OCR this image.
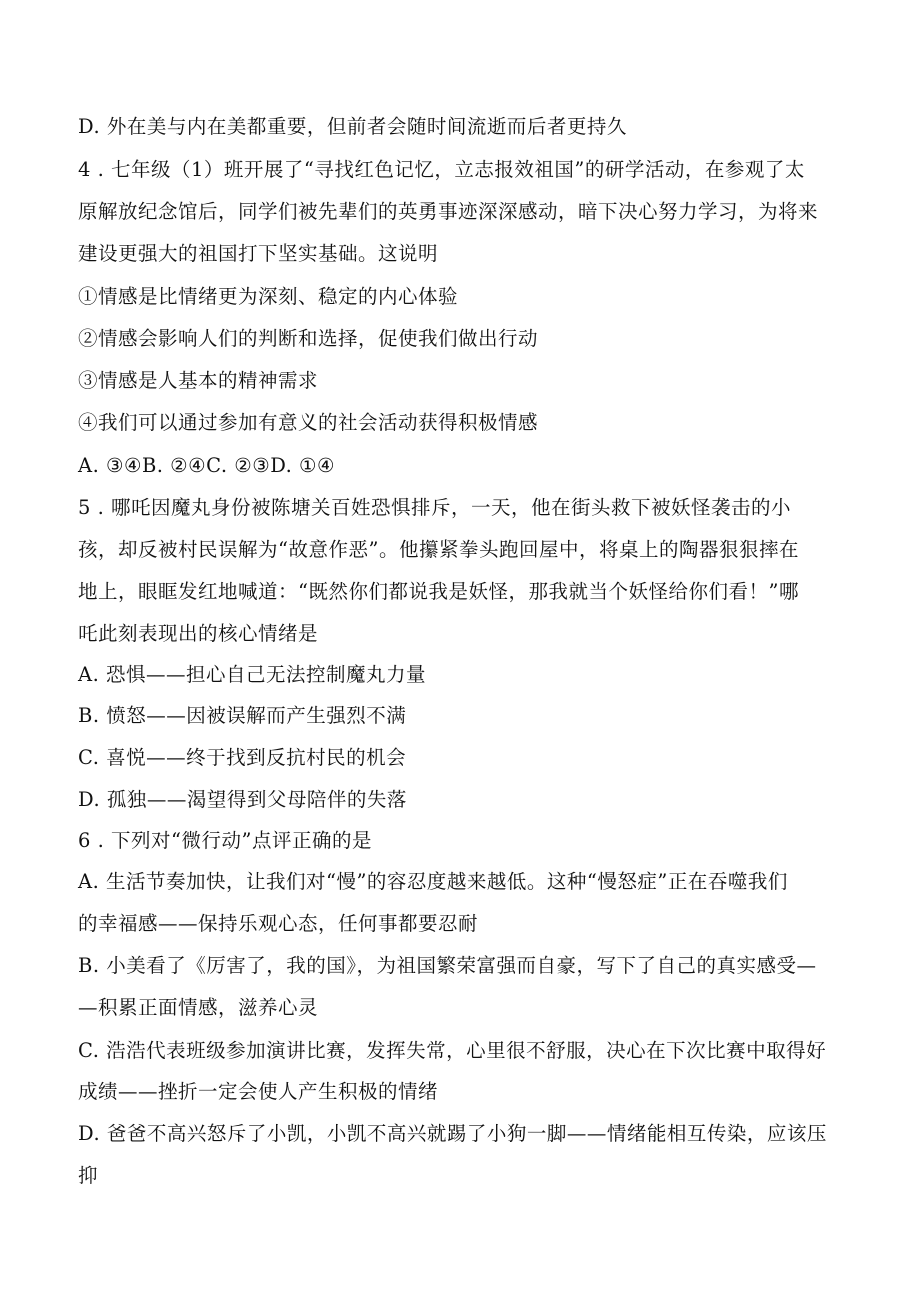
D. 外在美与内在美都重要，但前者会随时间流逝而后者更持久
4 . 七年级（1）班开展了“寻找红色记忆，立志报效祖国”的研学活动，在参观了太
原解放纪念馆后，同学们被先辈们的英勇事迹深深感动，暗下决心努力学习，为将来
建设更强大的祖国打下坚实基础。这说明
①情感是比情绪更为深刻、稳定的内心体验
②情感会影响人们的判断和选择，促使我们做出行动
③情感是人基本的精神需求
④我们可以通过参加有意义的社会活动获得积极情感
A. ③④B. ②④C. ②③D. ①④
5 . 哪吒因魔丸身份被陈塘关百姓恐惧排斥，一天，他在街头救下被妖怪袭击的小
孩，却反被村民误解为“故意作恶”。他攥紧拳头跑回屋中，将桌上的陶器狠狠摔在
地上，眼眶发红地喊道：“既然你们都说我是妖怪，那我就当个妖怪给你们看！”哪
吒此刻表现出的核心情绪是
A. 恐惧——担心自己无法控制魔丸力量
B. 愤怒——因被误解而产生强烈不满
C. 喜悦——终于找到反抗村民的机会
D. 孤独——渴望得到父母陪伴的失落
6 . 下列对“微行动”点评正确的是
A. 生活节奏加快，让我们对“慢”的容忍度越来越低。这种“慢怒症”正在吞噬我们
的幸福感——保持乐观心态，任何事都要忍耐
B. 小美看了《厉害了，我的国》，为祖国繁荣富强而自豪，写下了自己的真实感受—
—积累正面情感，滋养心灵
C. 浩浩代表班级参加演讲比赛，发挥失常，心里很不舒服，决心在下次比赛中取得好
成绩——挫折一定会使人产生积极的情绪
D. 爸爸不高兴怒斥了小凯，小凯不高兴就踢了小狗一脚——情绪能相互传染，应该压
抑
